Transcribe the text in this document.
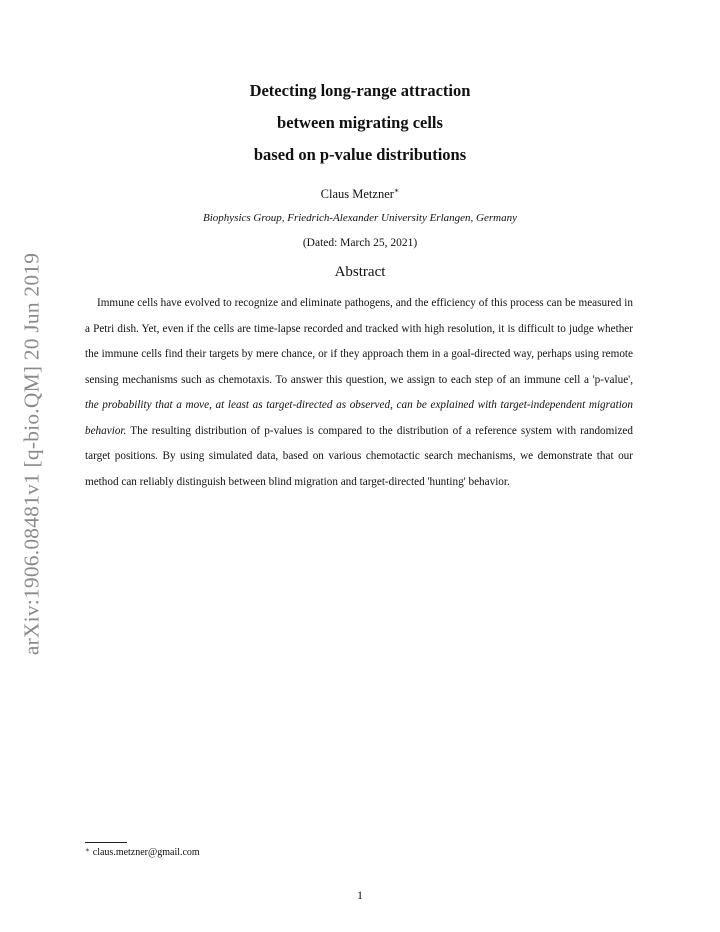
arXiv:1906.08481v1 [q-bio.QM] 20 Jun 2019
Detecting long-range attraction
between migrating cells
based on p-value distributions
Claus Metzner∗
Biophysics Group, Friedrich-Alexander University Erlangen, Germany
(Dated: March 25, 2021)
Abstract
Immune cells have evolved to recognize and eliminate pathogens, and the efficiency of this process can be measured in a Petri dish. Yet, even if the cells are time-lapse recorded and tracked with high resolution, it is difficult to judge whether the immune cells find their targets by mere chance, or if they approach them in a goal-directed way, perhaps using remote sensing mechanisms such as chemotaxis. To answer this question, we assign to each step of an immune cell a 'p-value', the probability that a move, at least as target-directed as observed, can be explained with target-independent migration behavior. The resulting distribution of p-values is compared to the distribution of a reference system with randomized target positions. By using simulated data, based on various chemotactic search mechanisms, we demonstrate that our method can reliably distinguish between blind migration and target-directed 'hunting' behavior.
∗ claus.metzner@gmail.com
1
